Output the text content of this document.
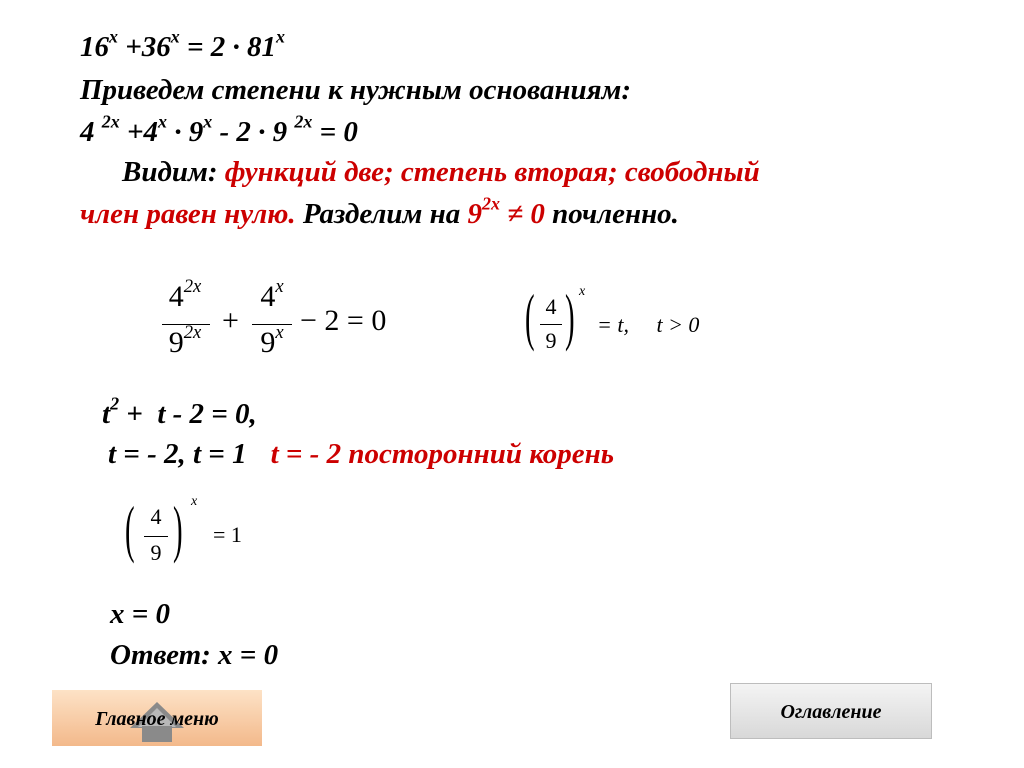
$16^x +36^x = 2 \cdot 81^x$
Приведем степени к нужным основаниям:
4 $^{2x} +4^x \cdot 9^x - 2 \cdot 9$ $^{2x}$ = 0
Видим: функций две; степень вторая; свободный
член равен нулю. Разделим на $9^{2x} \ne 0$ почленно.
$4^{2x}$
$9^{2x}$ +
$4^x$
$9^x - 2 = 0$ ( 4
9 ) x
= t,     t > 0
$t^2 + t - 2 = 0$,
t = - 2, t = 1 t = - 2 посторонний корень
( 4
9 ) x
= 1
x = 0
Ответ: x = 0
Главное меню	Оглавление
